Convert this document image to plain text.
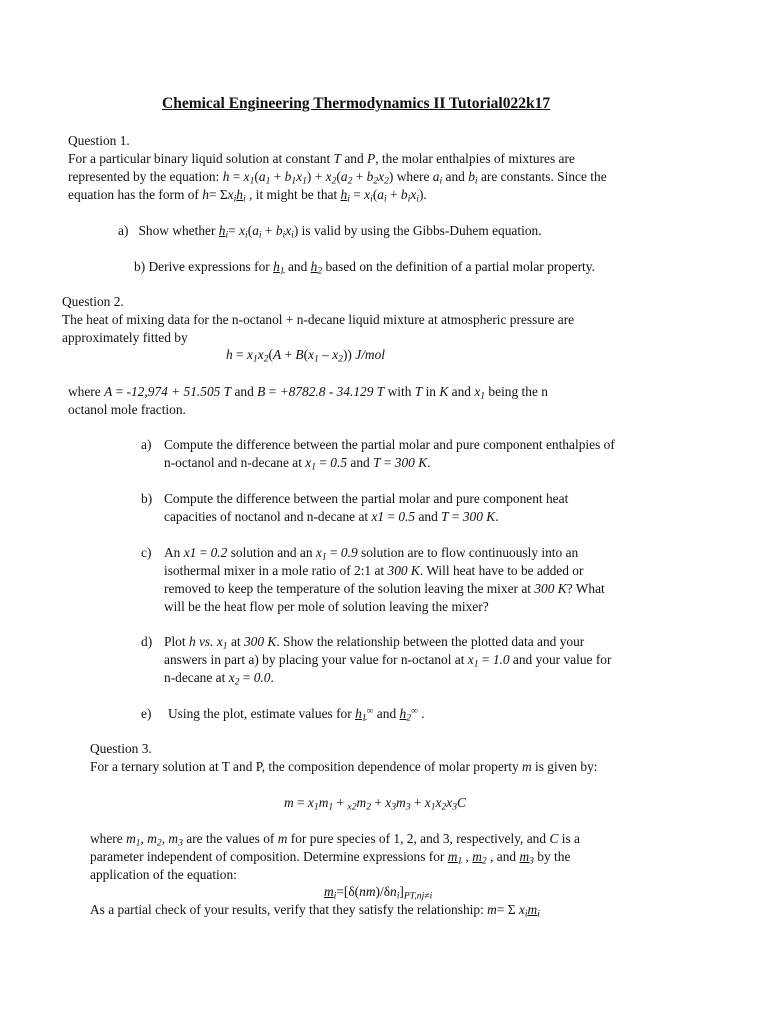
Chemical Engineering Thermodynamics II Tutorial022k17
Question 1.
For a particular binary liquid solution at constant T and P, the molar enthalpies of mixtures are
represented by the equation: $h = x_1(a_1 + b_1x_1) + x_2(a_2 + b_2x_2)$ where $a_i$ and $b_i$ are constants. Since the
equation has the form of $h= \Sigma x_ih_i$ , it might be that $h_i = x_i(a_i + b_ix_i)$.
a)   Show whether $h_i= x_i(a_i + b_ix_i)$ is valid by using the Gibbs-Duhem equation.
b) Derive expressions for $h_1$ and $h_2$ based on the definition of a partial molar property.
Question 2.
The heat of mixing data for the n-octanol + n-decane liquid mixture at atmospheric pressure are
approximately fitted by
$h = x_1x_2(A + B(x_1 - x_2))$ J/mol
where A = -12,974 + 51.505 T and B = +8782.8 - 34.129 T with T in K and $x_1$ being the n
octanol mole fraction.
a) Compute the difference between the partial molar and pure component enthalpies of
n-octanol and n-decane at $x_1 = 0.5$ and T = 300 K.
b) Compute the difference between the partial molar and pure component heat
capacities of noctanol and n-decane at x1 = 0.5 and T = 300 K.
c) An x1 = 0.2 solution and an $x_1 = 0.9$ solution are to flow continuously into an
isothermal mixer in a mole ratio of 2:1 at 300 K. Will heat have to be added or
removed to keep the temperature of the solution leaving the mixer at 300 K? What
will be the heat flow per mole of solution leaving the mixer?
d) Plot h vs. $x_1$ at 300 K. Show the relationship between the plotted data and your
answers in part a) by placing your value for n-octanol at $x_1 = 1.0$ and your value for
n-decane at $x_2 = 0.0$.
e) Using the plot, estimate values for $h_1^\infty$ and $h_2^\infty$ .
Question 3.
For a ternary solution at T and P, the composition dependence of molar property m is given by:
$m = x_1m_1 + _{x2}m_2 + x_3m_3 + x_1x_2x_3C$
where $m_1$, $m_2$, $m_3$ are the values of m for pure species of 1, 2, and 3, respectively, and C is a
parameter independent of composition. Determine expressions for $m_1$ , $m_2$ , and $m_3$ by the
application of the equation:
$m_i=[\delta(nm)/\delta n_i]_{PT,nj\ne i}$
As a partial check of your results, verify that they satisfy the relationship: m= Σ $x_im_i$
